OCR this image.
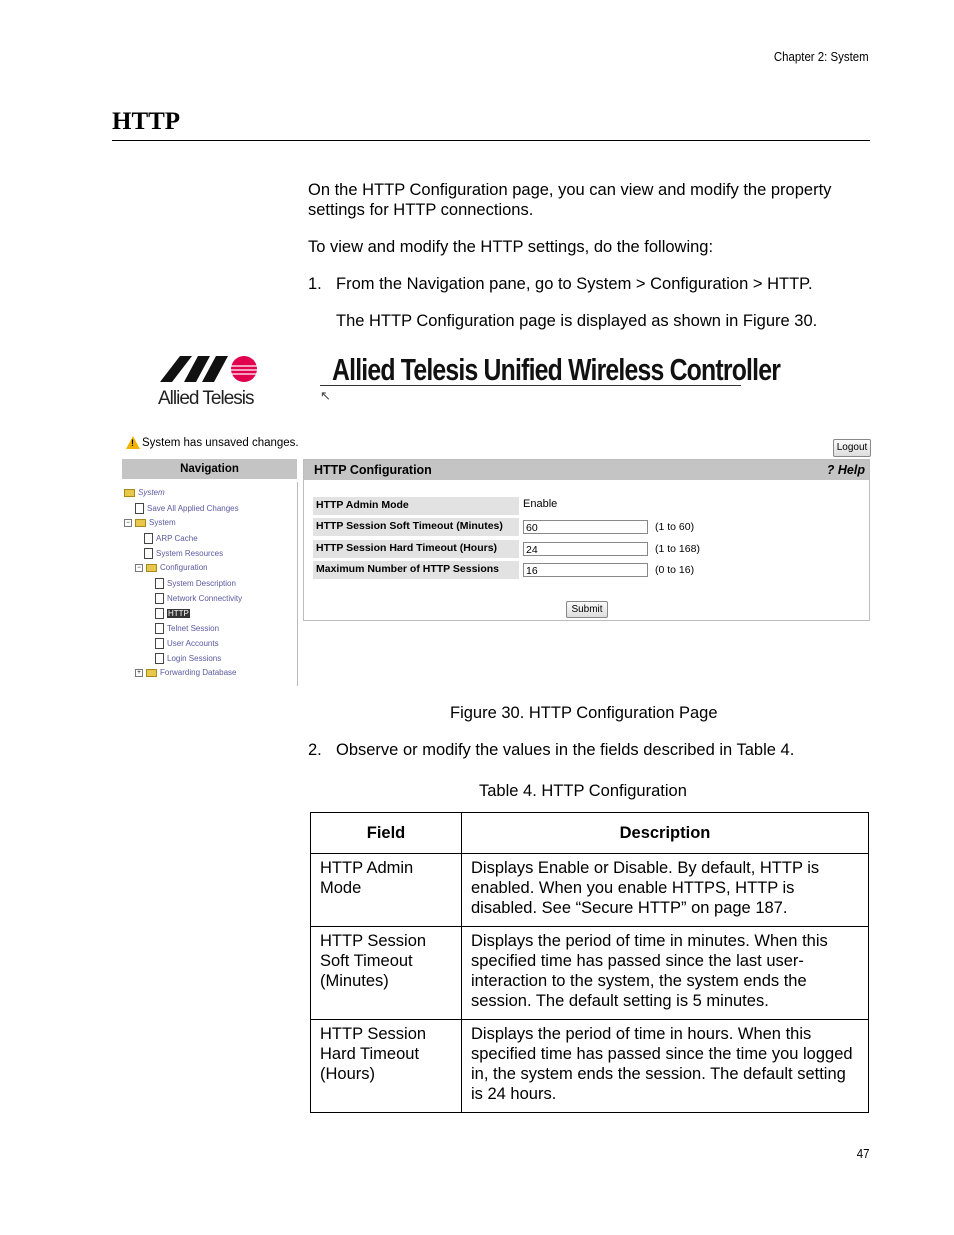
Chapter 2: System
HTTP
On the HTTP Configuration page, you can view and modify the property settings for HTTP connections.
To view and modify the HTTP settings, do the following:
1. From the Navigation pane, go to System > Configuration > HTTP.
The HTTP Configuration page is displayed as shown in Figure 30.
Allied Telesis
Allied Telesis Unified Wireless Controller
↖
! System has unsaved changes.	Logout
Navigation
System
Save All Applied Changes
− System
ARP Cache
System Resources
− Configuration
System Description
Network Connectivity
HTTP
Telnet Session
User Accounts
Login Sessions
+ Forwarding Database
HTTP Configuration	? Help
HTTP Admin Mode	Enable
HTTP Session Soft Timeout (Minutes)	60	(1 to 60)
HTTP Session Hard Timeout (Hours)	24	(1 to 168)
Maximum Number of HTTP Sessions	16	(0 to 16)
Submit
Figure 30. HTTP Configuration Page
2. Observe or modify the values in the fields described in Table 4.
Table 4. HTTP Configuration
Field	Description
HTTP Admin Mode	Displays Enable or Disable. By default, HTTP is enabled. When you enable HTTPS, HTTP is disabled. See “Secure HTTP” on page 187.
HTTP Session Soft Timeout (Minutes)	Displays the period of time in minutes. When this specified time has passed since the last user-interaction to the system, the system ends the session. The default setting is 5 minutes.
HTTP Session Hard Timeout (Hours)	Displays the period of time in hours. When this specified time has passed since the time you logged in, the system ends the session. The default setting is 24 hours.
47
